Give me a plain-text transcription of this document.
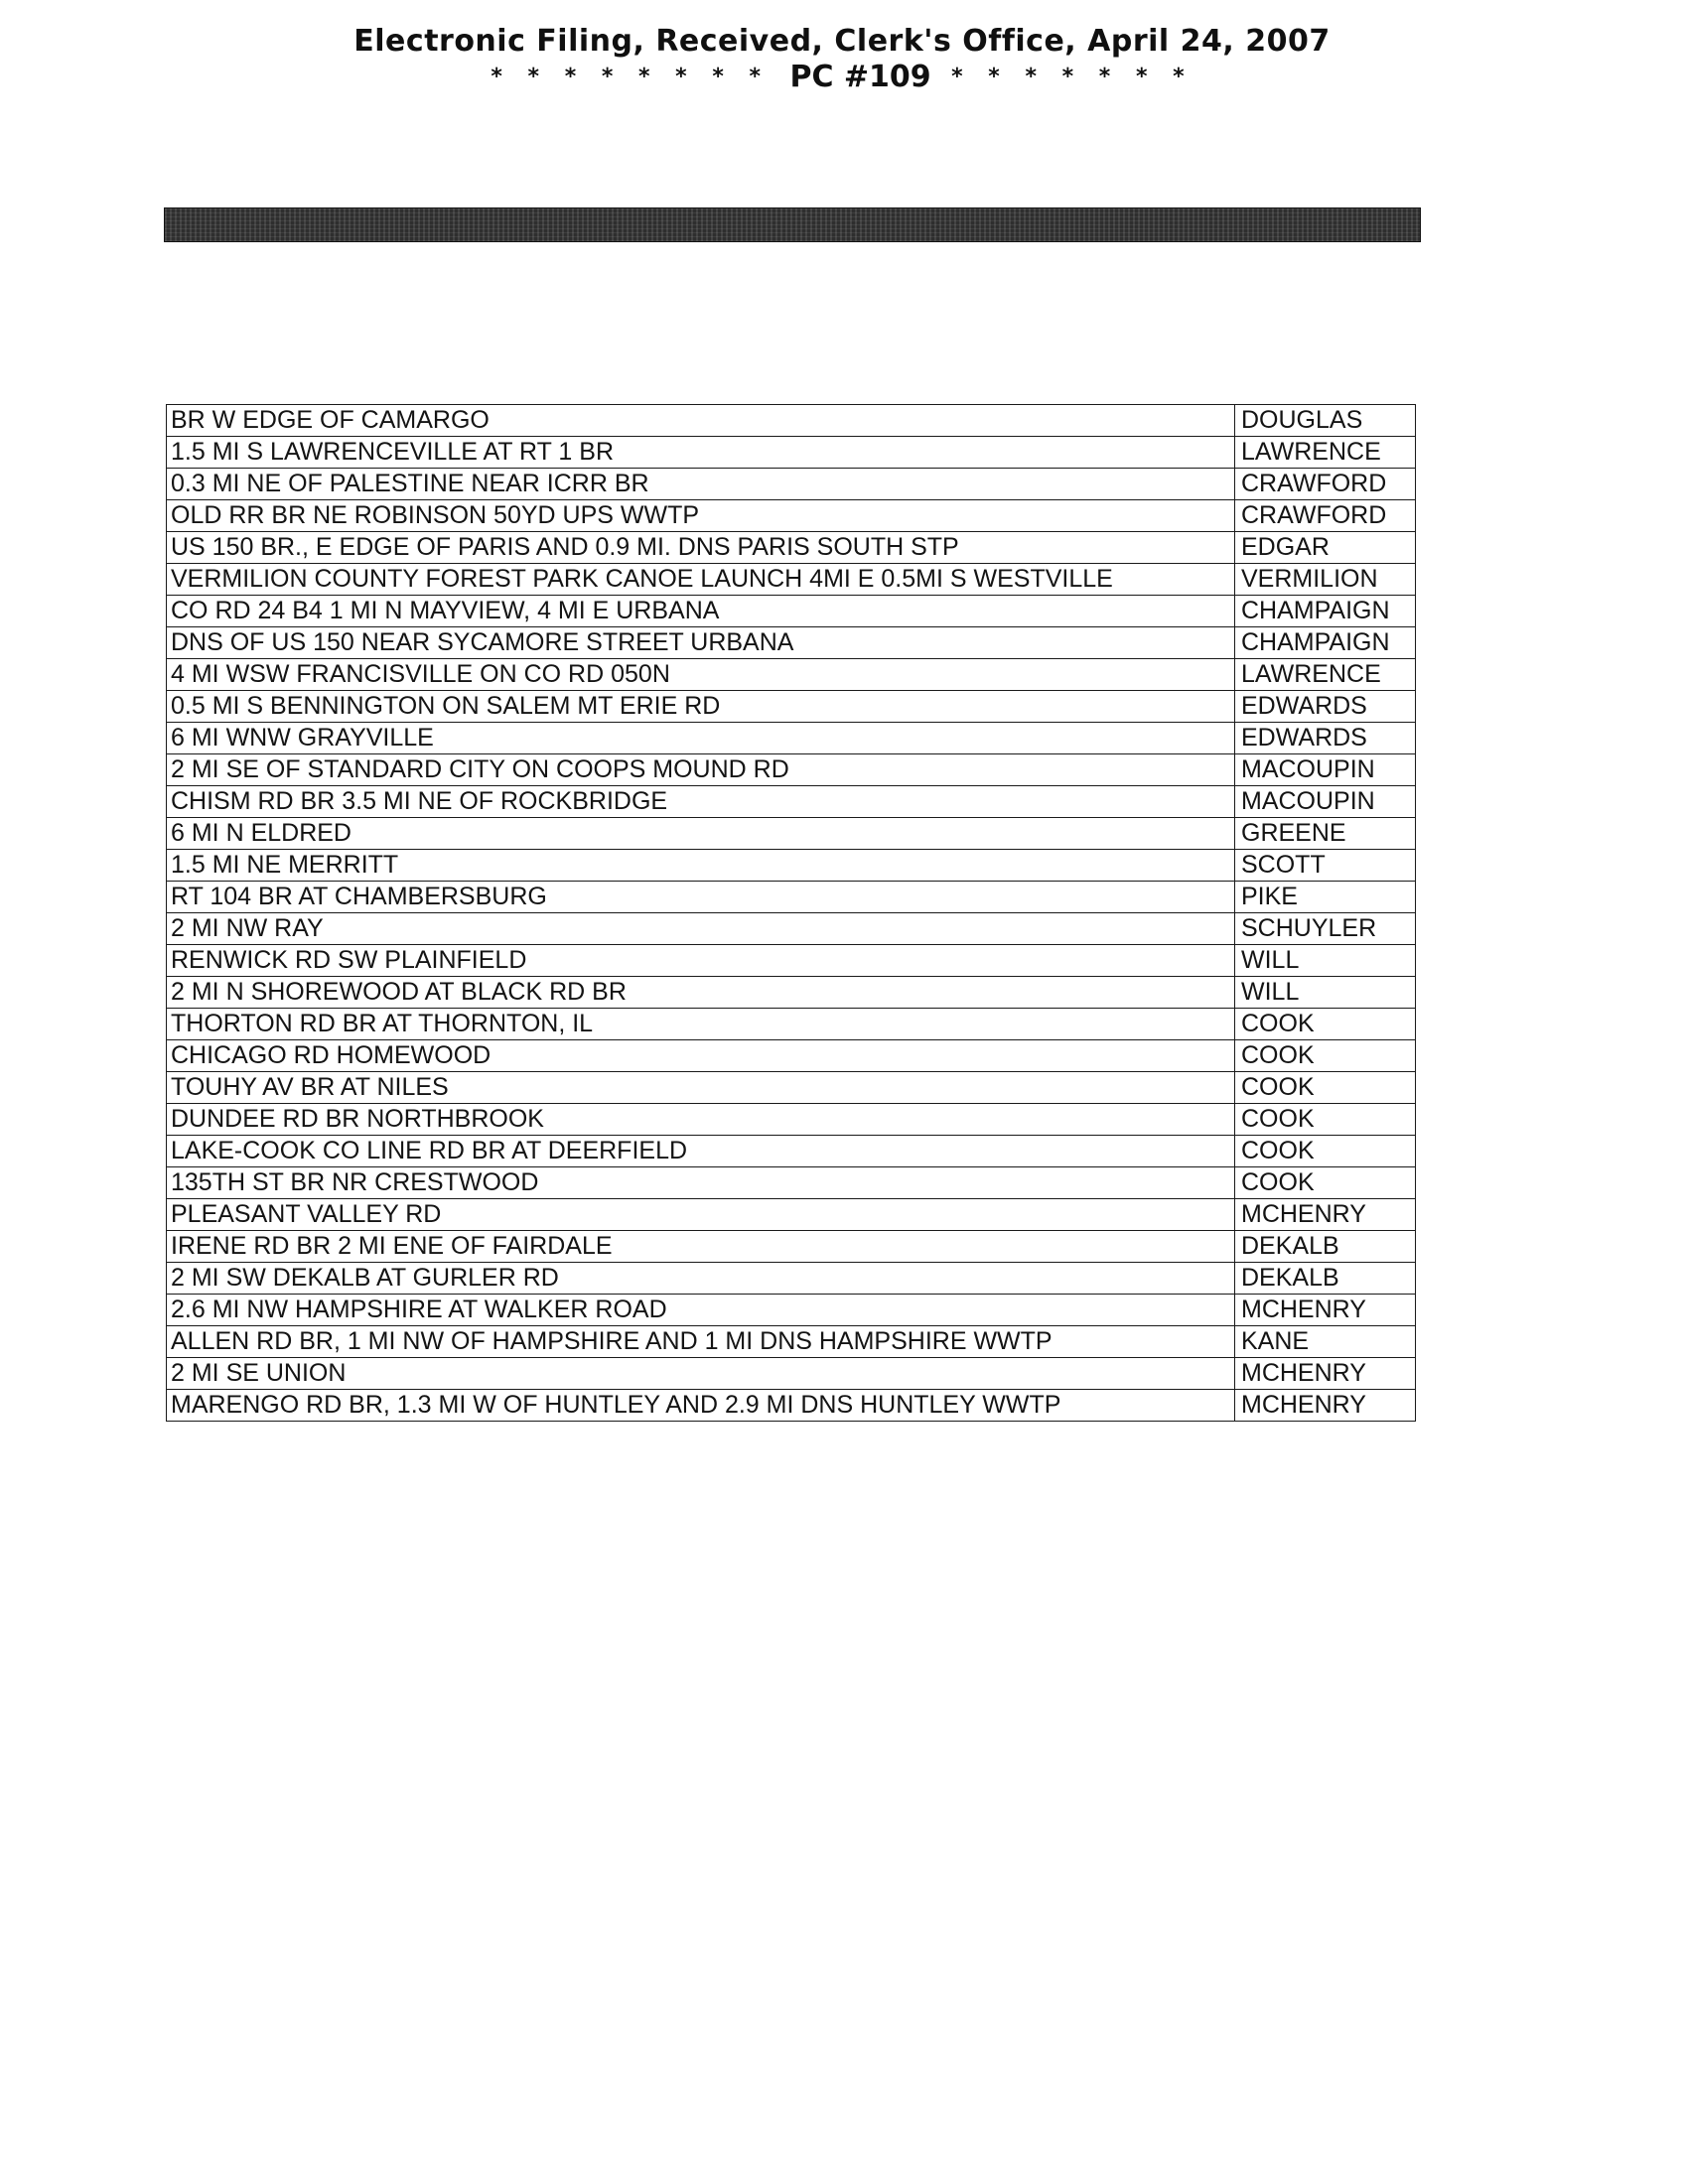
Electronic Filing, Received, Clerk's Office, April 24, 2007
* * * * * * * * PC #109 * * * * * * *
BR W EDGE OF CAMARGO	DOUGLAS
1.5 MI S LAWRENCEVILLE AT RT 1 BR	LAWRENCE
0.3 MI NE OF PALESTINE NEAR ICRR BR	CRAWFORD
OLD RR BR NE ROBINSON 50YD UPS WWTP	CRAWFORD
US 150 BR., E EDGE OF PARIS AND 0.9 MI. DNS PARIS SOUTH STP	EDGAR
VERMILION COUNTY FOREST PARK CANOE LAUNCH 4MI E 0.5MI S WESTVILLE	VERMILION
CO RD 24 B4 1 MI N MAYVIEW, 4 MI E URBANA	CHAMPAIGN
DNS OF US 150 NEAR SYCAMORE STREET URBANA	CHAMPAIGN
4 MI WSW FRANCISVILLE ON CO RD 050N	LAWRENCE
0.5 MI S BENNINGTON ON SALEM MT ERIE RD	EDWARDS
6 MI WNW GRAYVILLE	EDWARDS
2 MI SE OF STANDARD CITY ON COOPS MOUND RD	MACOUPIN
CHISM RD BR 3.5 MI NE OF ROCKBRIDGE	MACOUPIN
6 MI N ELDRED	GREENE
1.5 MI NE MERRITT	SCOTT
RT 104 BR AT CHAMBERSBURG	PIKE
2 MI NW RAY	SCHUYLER
RENWICK RD SW PLAINFIELD	WILL
2 MI N SHOREWOOD AT BLACK RD BR	WILL
THORTON RD BR AT THORNTON, IL	COOK
CHICAGO RD HOMEWOOD	COOK
TOUHY AV BR AT NILES	COOK
DUNDEE RD BR NORTHBROOK	COOK
LAKE-COOK CO LINE RD BR AT DEERFIELD	COOK
135TH ST BR NR CRESTWOOD	COOK
PLEASANT VALLEY RD	MCHENRY
IRENE RD BR 2 MI ENE OF FAIRDALE	DEKALB
2 MI SW DEKALB AT GURLER RD	DEKALB
2.6 MI NW HAMPSHIRE AT WALKER ROAD	MCHENRY
ALLEN RD BR, 1 MI NW OF HAMPSHIRE AND 1 MI DNS HAMPSHIRE WWTP	KANE
2 MI SE UNION	MCHENRY
MARENGO RD BR, 1.3 MI W OF HUNTLEY AND 2.9 MI DNS HUNTLEY WWTP	MCHENRY
